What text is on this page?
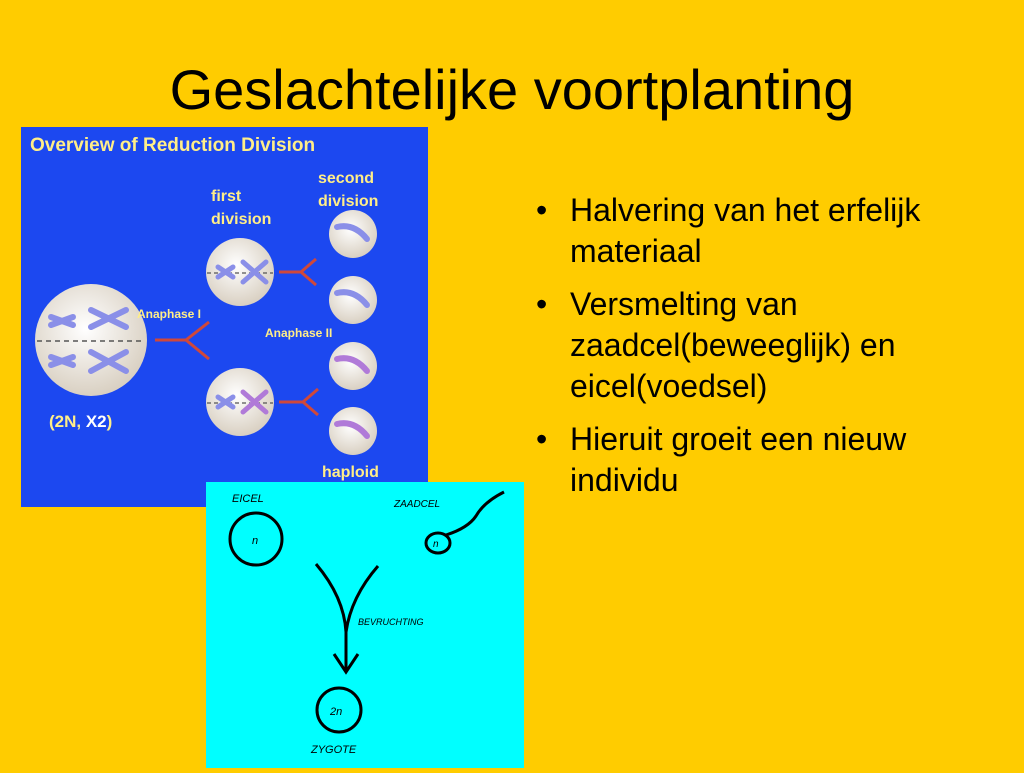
Geslachtelijke voortplanting
Overview of Reduction Division
first
division
second
division
(2N, X2)
Anaphase I
Anaphase II
haploid
EICEL
n
ZAADCEL
n
BEVRUCHTING
2n
ZYGOTE
• Halvering van het erfelijk materiaal
• Versmelting van zaadcel(beweeglijk) en eicel(voedsel)
• Hieruit groeit een nieuw individu
